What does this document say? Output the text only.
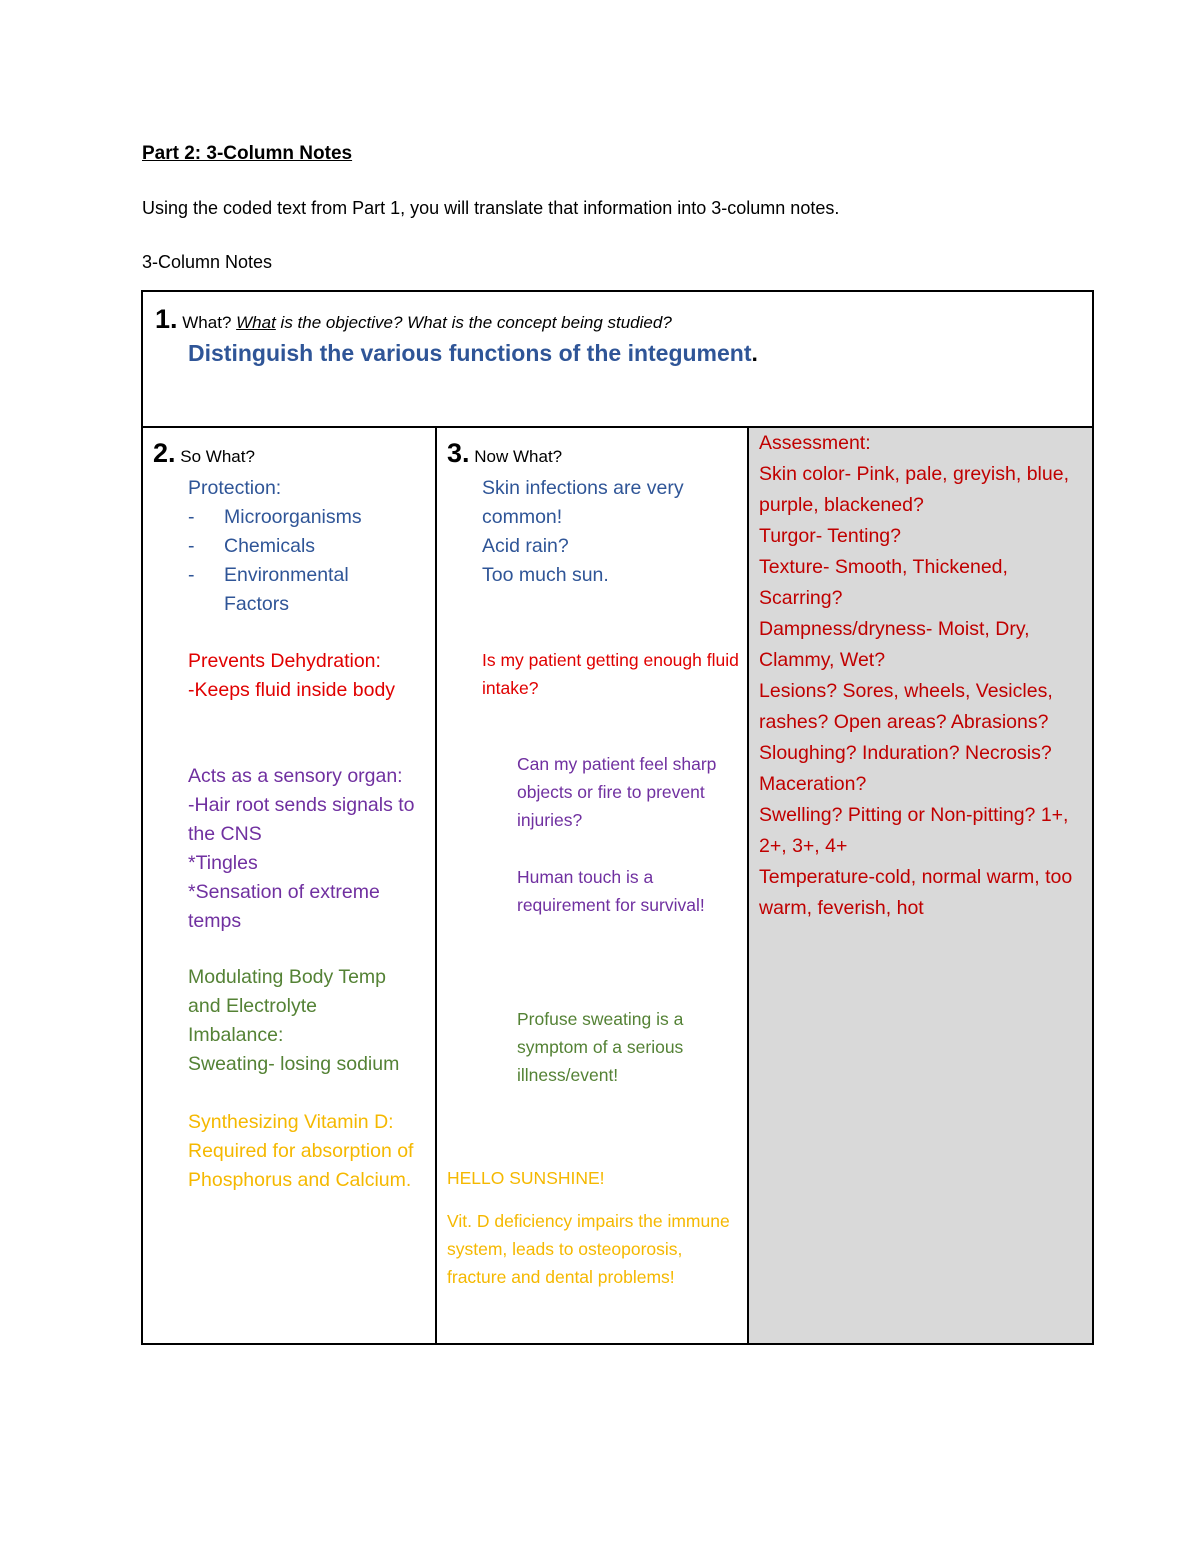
Part 2: 3-Column Notes

Using the coded text from Part 1, you will translate that information into 3-column notes.

3-Column Notes

1. What? What is the objective? What is the concept being studied?
Distinguish the various functions of the integument.
2. So What?
Protection:
- Microorganisms
- Chemicals
- Environmental Factors
Prevents Dehydration:
-Keeps fluid inside body
Acts as a sensory organ:
-Hair root sends signals to the CNS
*Tingles
*Sensation of extreme temps
Modulating Body Temp and Electrolyte Imbalance:
Sweating- losing sodium
Synthesizing Vitamin D:
Required for absorption of Phosphorus and Calcium.
3. Now What?
Skin infections are very common!
Acid rain?
Too much sun.
Is my patient getting enough fluid intake?
Can my patient feel sharp objects or fire to prevent injuries?
Human touch is a requirement for survival!
Profuse sweating is a symptom of a serious illness/event!
HELLO SUNSHINE!
Vit. D deficiency impairs the immune system, leads to osteoporosis, fracture and dental problems!
Assessment:
Skin color- Pink, pale, greyish, blue, purple, blackened?
Turgor- Tenting?
Texture- Smooth, Thickened, Scarring?
Dampness/dryness- Moist, Dry, Clammy, Wet?
Lesions? Sores, wheels, Vesicles, rashes? Open areas? Abrasions?
Sloughing? Induration? Necrosis? Maceration?
Swelling? Pitting or Non-pitting? 1+, 2+, 3+, 4+
Temperature-cold, normal warm, too warm, feverish, hot
